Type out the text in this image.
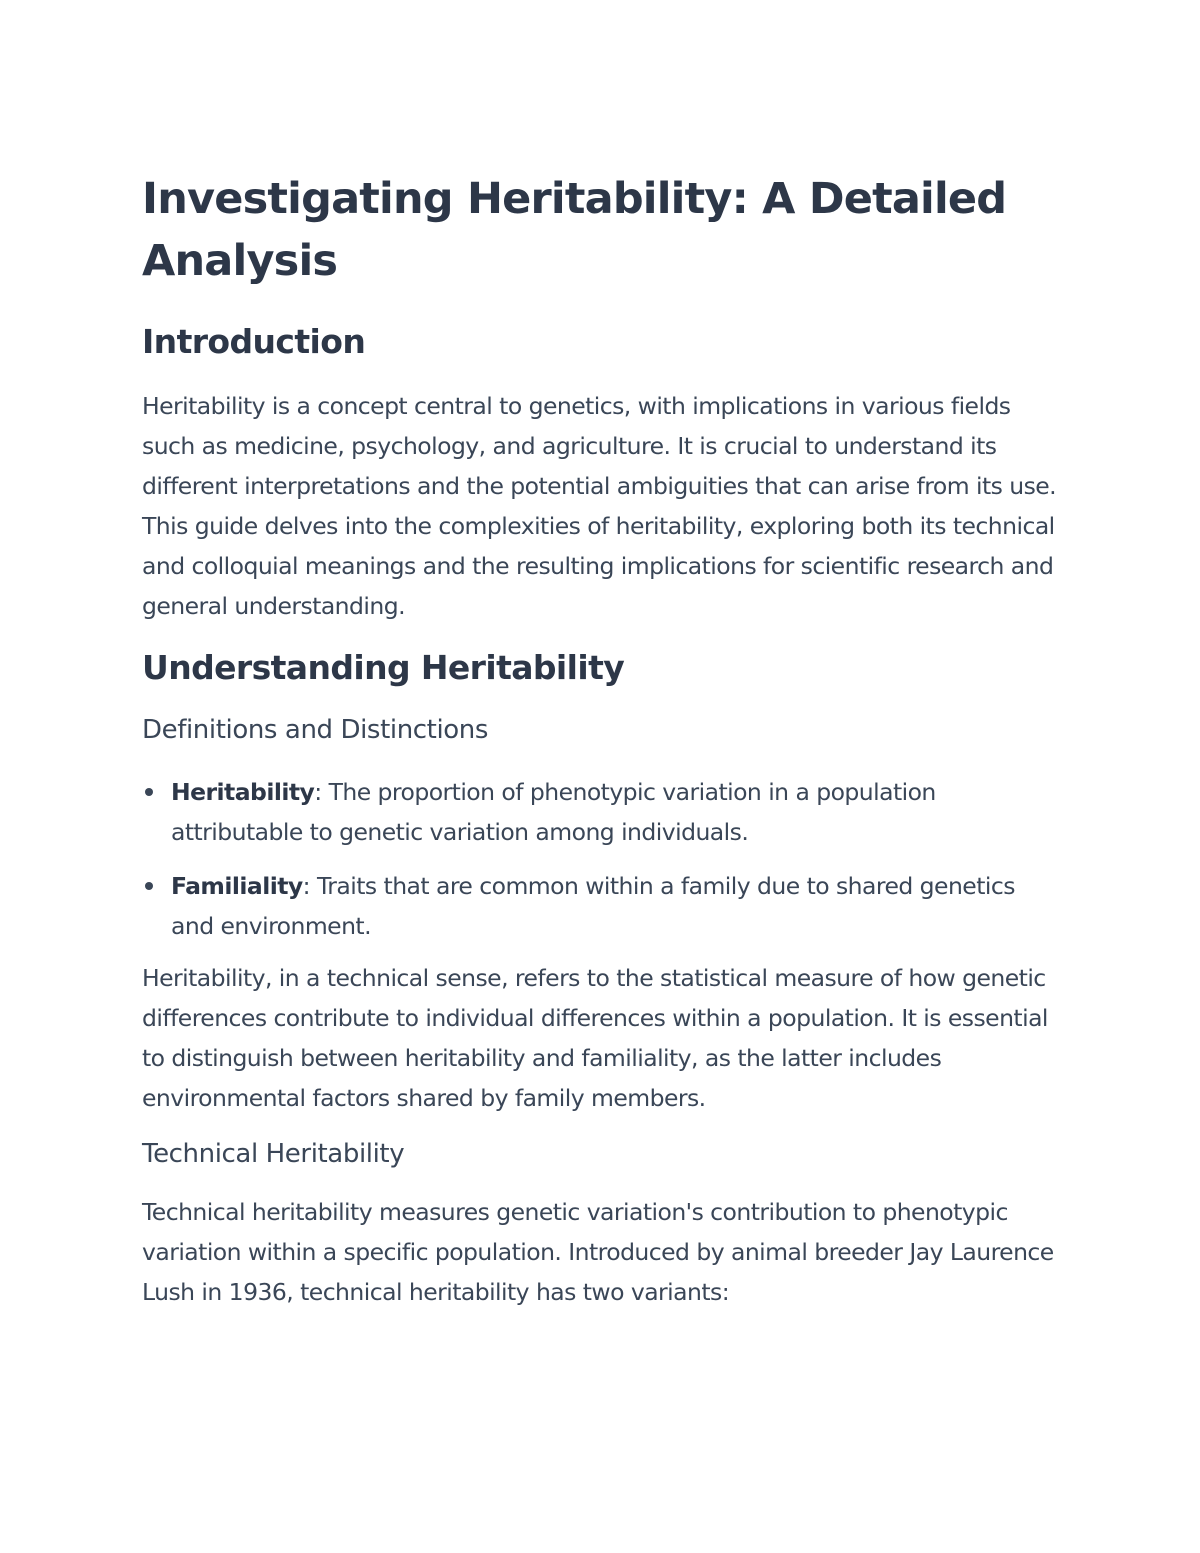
Investigating Heritability: A Detailed Analysis
Introduction

Heritability is a concept central to genetics, with implications in various fields such as medicine, psychology, and agriculture. It is crucial to understand its different interpretations and the potential ambiguities that can arise from its use. This guide delves into the complexities of heritability, exploring both its technical and colloquial meanings and the resulting implications for scientific research and general understanding.

Understanding Heritability
Definitions and Distinctions
Heritability: The proportion of phenotypic variation in a population attributable to genetic variation among individuals.
Familiality: Traits that are common within a family due to shared genetics and environment.

Heritability, in a technical sense, refers to the statistical measure of how genetic differences contribute to individual differences within a population. It is essential to distinguish between heritability and familiality, as the latter includes environmental factors shared by family members.

Technical Heritability

Technical heritability measures genetic variation's contribution to phenotypic variation within a specific population. Introduced by animal breeder Jay Laurence Lush in 1936, technical heritability has two variants:
